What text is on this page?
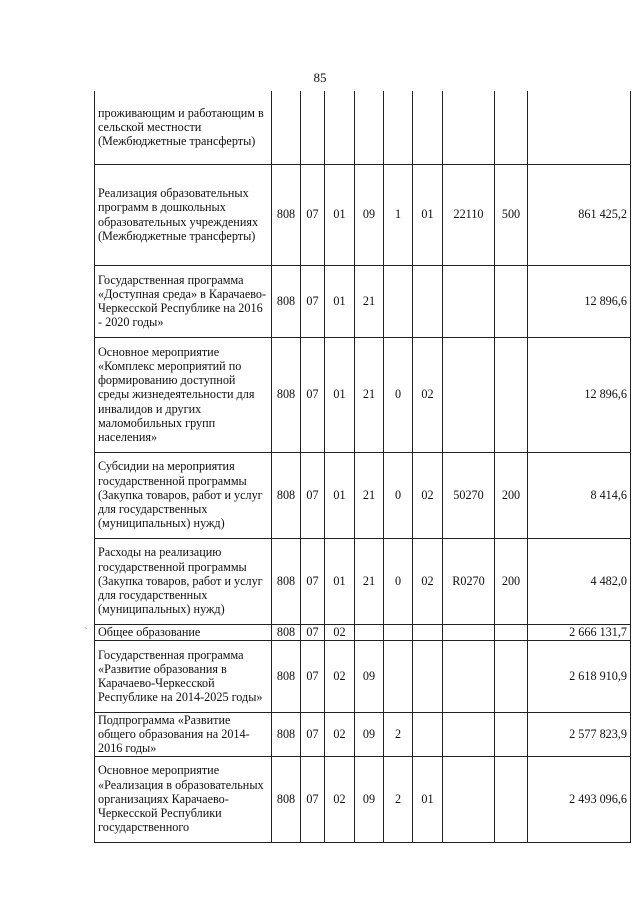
85
`
проживающим и работающим в сельской местности (Межбюджетные трансферты)									
Реализация образовательных программ в дошкольных образовательных учреждениях (Межбюджетные трансферты)	808	07	01	09	1	01	22110	500	861 425,2
Государственная программа «Доступная среда» в Карачаево-Черкесской Республике на 2016 - 2020 годы»	808	07	01	21					12 896,6
Основное мероприятие «Комплекс мероприятий по формированию доступной среды жизнедеятельности для инвалидов и других маломобильных групп населения»	808	07	01	21	0	02			12 896,6
Субсидии на мероприятия государственной программы (Закупка товаров, работ и услуг для государственных (муниципальных) нужд)	808	07	01	21	0	02	50270	200	8 414,6
Расходы на реализацию государственной программы (Закупка товаров, работ и услуг для государственных (муниципальных) нужд)	808	07	01	21	0	02	R0270	200	4 482,0
Общее образование	808	07	02						2 666 131,7
Государственная программа «Развитие образования в Карачаево-Черкесской Республике на 2014-2025 годы»	808	07	02	09					2 618 910,9
Подпрограмма «Развитие общего образования на 2014-2016 годы»	808	07	02	09	2				2 577 823,9
Основное мероприятие «Реализация в образовательных организациях Карачаево-Черкесской Республики государственного	808	07	02	09	2	01			2 493 096,6
